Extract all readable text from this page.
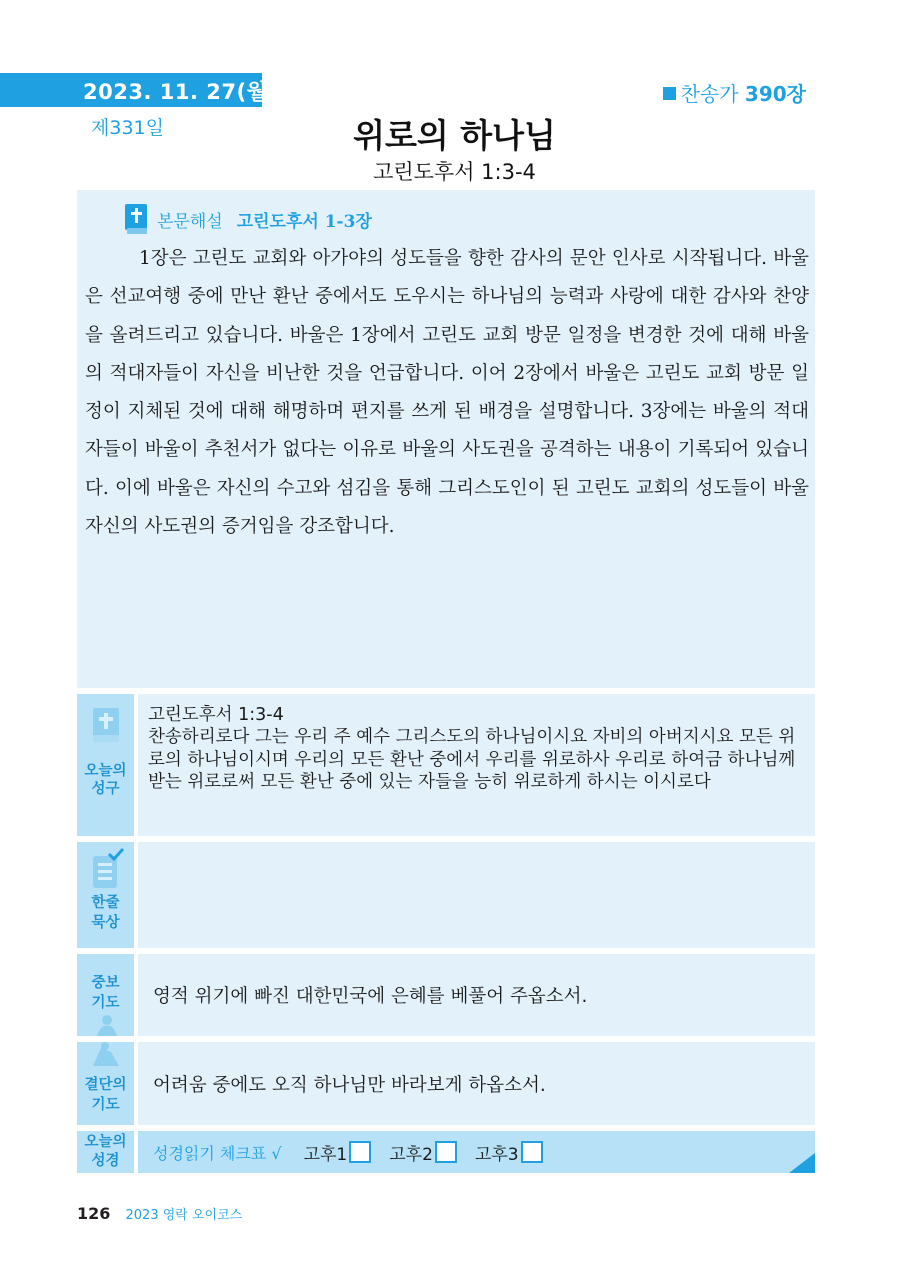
2023. 11. 27(월)
제331일
찬송가 390장
위로의 하나님
고린도후서 1:3-4
본문해설 고린도후서 1-3장
1장은 고린도 교회와 아가야의 성도들을 향한 감사의 문안 인사로 시작됩니다. 바울은 선교여행 중에 만난 환난 중에서도 도우시는 하나님의 능력과 사랑에 대한 감사와 찬양을 올려드리고 있습니다. 바울은 1장에서 고린도 교회 방문 일정을 변경한 것에 대해 바울의 적대자들이 자신을 비난한 것을 언급합니다. 이어 2장에서 바울은 고린도 교회 방문 일정이 지체된 것에 대해 해명하며 편지를 쓰게 된 배경을 설명합니다. 3장에는 바울의 적대자들이 바울이 추천서가 없다는 이유로 바울의 사도권을 공격하는 내용이 기록되어 있습니다. 이에 바울은 자신의 수고와 섬김을 통해 그리스도인이 된 고린도 교회의 성도들이 바울 자신의 사도권의 증거임을 강조합니다.
오늘의
성구
고린도후서 1:3-4
찬송하리로다 그는 우리 주 예수 그리스도의 하나님이시요 자비의 아버지시요 모든 위로의 하나님이시며 우리의 모든 환난 중에서 우리를 위로하사 우리로 하여금 하나님께 받는 위로로써 모든 환난 중에 있는 자들을 능히 위로하게 하시는 이시로다
한줄
묵상
중보
기도	영적 위기에 빠진 대한민국에 은혜를 베풀어 주옵소서.
결단의
기도
어려움 중에도 오직 하나님만 바라보게 하옵소서.
오늘의
성경	성경읽기 체크표 √ 고후1 고후2 고후3
126 2023 영락 오이코스
